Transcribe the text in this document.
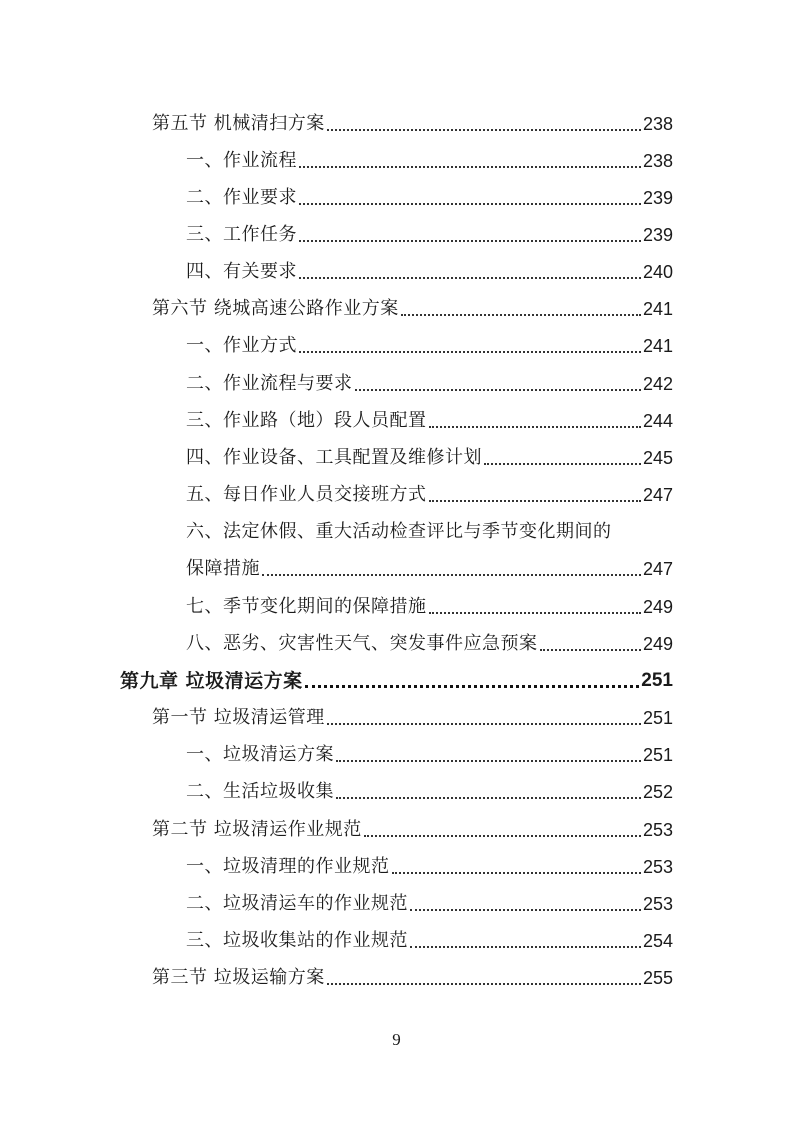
第五节 机械清扫方案	238
一、作业流程	238
二、作业要求	239
三、工作任务	239
四、有关要求	240
第六节 绕城高速公路作业方案	241
一、作业方式	241
二、作业流程与要求	242
三、作业路（地）段人员配置	244
四、作业设备、工具配置及维修计划	245
五、每日作业人员交接班方式	247
六、法定休假、重大活动检查评比与季节变化期间的
保障措施	247
七、季节变化期间的保障措施	249
八、恶劣、灾害性天气、突发事件应急预案	249
第九章 垃圾清运方案	251
第一节 垃圾清运管理	251
一、垃圾清运方案	251
二、生活垃圾收集	252
第二节 垃圾清运作业规范	253
一、垃圾清理的作业规范	253
二、垃圾清运车的作业规范	253
三、垃圾收集站的作业规范	254
第三节 垃圾运输方案	255
9
